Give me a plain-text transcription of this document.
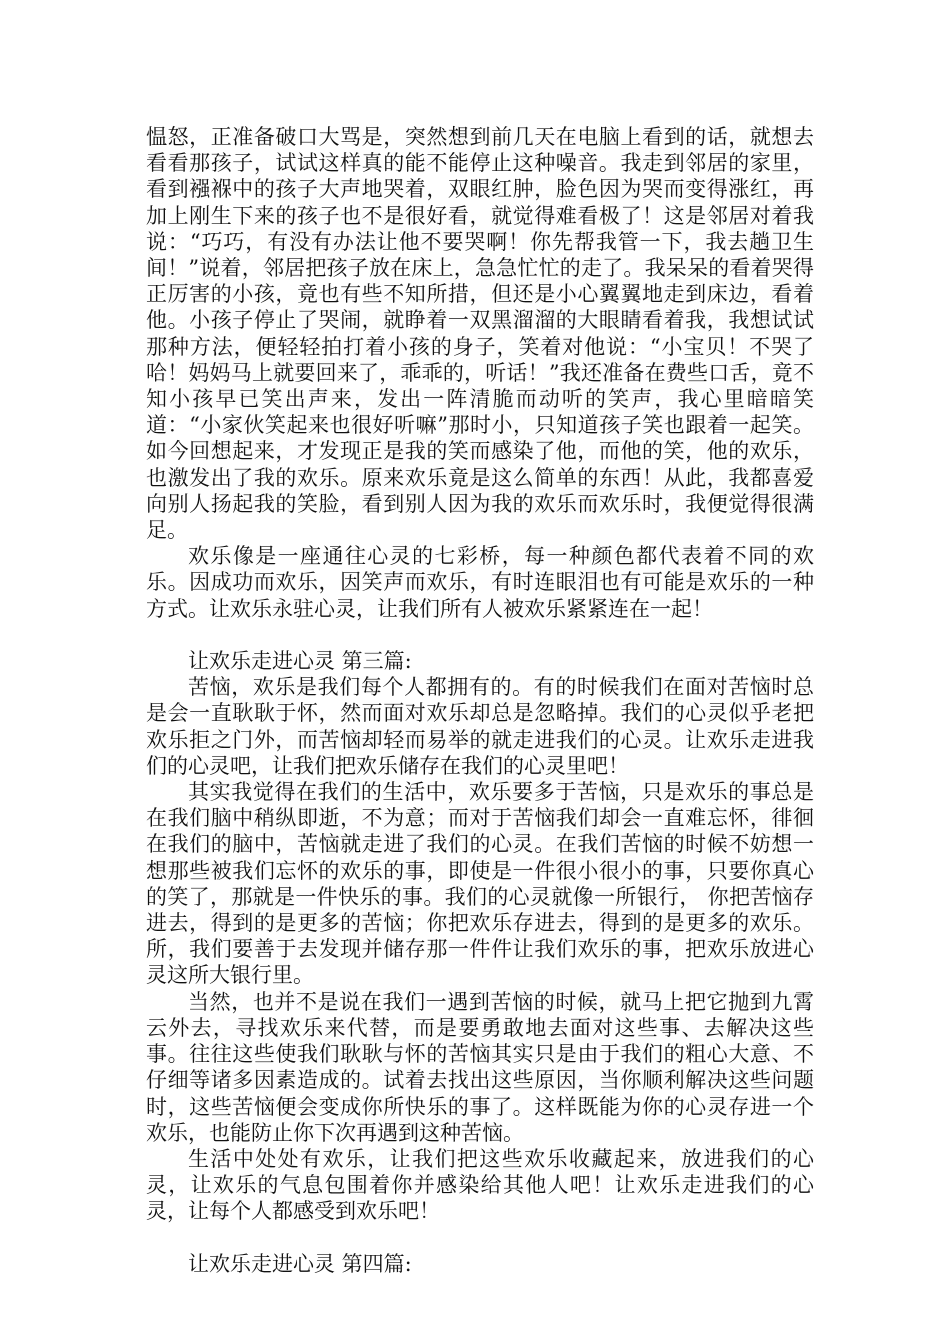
愠怒，正准备破口大骂是，突然想到前几天在电脑上看到的话，就想去看看那孩子，试试这样真的能不能停止这种噪音。我走到邻居的家里，看到襁褓中的孩子大声地哭着，双眼红肿，脸色因为哭而变得涨红，再加上刚生下来的孩子也不是很好看，就觉得难看极了！这是邻居对着我说：“巧巧，有没有办法让他不要哭啊！你先帮我管一下，我去趟卫生间！”说着，邻居把孩子放在床上，急急忙忙的走了。我呆呆的看着哭得正厉害的小孩，竟也有些不知所措，但还是小心翼翼地走到床边，看着他。小孩子停止了哭闹，就睁着一双黑溜溜的大眼睛看着我，我想试试那种方法，便轻轻拍打着小孩的身子，笑着对他说：“小宝贝！不哭了哈！妈妈马上就要回来了，乖乖的，听话！”我还准备在费些口舌，竟不知小孩早已笑出声来，发出一阵清脆而动听的笑声，我心里暗暗笑道：“小家伙笑起来也很好听嘛”那时小，只知道孩子笑也跟着一起笑。如今回想起来，才发现正是我的笑而感染了他，而他的笑，他的欢乐，也激发出了我的欢乐。原来欢乐竟是这么简单的东西！从此，我都喜爱向别人扬起我的笑脸，看到别人因为我的欢乐而欢乐时，我便觉得很满足。

欢乐像是一座通往心灵的七彩桥，每一种颜色都代表着不同的欢乐。因成功而欢乐，因笑声而欢乐，有时连眼泪也有可能是欢乐的一种方式。让欢乐永驻心灵，让我们所有人被欢乐紧紧连在一起！

让欢乐走进心灵 第三篇:

苦恼，欢乐是我们每个人都拥有的。有的时候我们在面对苦恼时总是会一直耿耿于怀，然而面对欢乐却总是忽略掉。我们的心灵似乎老把欢乐拒之门外，而苦恼却轻而易举的就走进我们的心灵。让欢乐走进我们的心灵吧，让我们把欢乐储存在我们的心灵里吧！

其实我觉得在我们的生活中，欢乐要多于苦恼，只是欢乐的事总是在我们脑中稍纵即逝，不为意；而对于苦恼我们却会一直难忘怀，徘徊在我们的脑中，苦恼就走进了我们的心灵。在我们苦恼的时候不妨想一想那些被我们忘怀的欢乐的事，即使是一件很小很小的事，只要你真心的笑了，那就是一件快乐的事。我们的心灵就像一所银行， 你把苦恼存进去，得到的是更多的苦恼；你把欢乐存进去，得到的是更多的欢乐。所，我们要善于去发现并储存那一件件让我们欢乐的事，把欢乐放进心灵这所大银行里。

当然，也并不是说在我们一遇到苦恼的时候，就马上把它抛到九霄云外去，寻找欢乐来代替，而是要勇敢地去面对这些事、去解决这些事。往往这些使我们耿耿与怀的苦恼其实只是由于我们的粗心大意、不仔细等诸多因素造成的。试着去找出这些原因，当你顺利解决这些问题时，这些苦恼便会变成你所快乐的事了。这样既能为你的心灵存进一个欢乐，也能防止你下次再遇到这种苦恼。

生活中处处有欢乐，让我们把这些欢乐收藏起来，放进我们的心灵，让欢乐的气息包围着你并感染给其他人吧！让欢乐走进我们的心灵，让每个人都感受到欢乐吧！

让欢乐走进心灵 第四篇:
